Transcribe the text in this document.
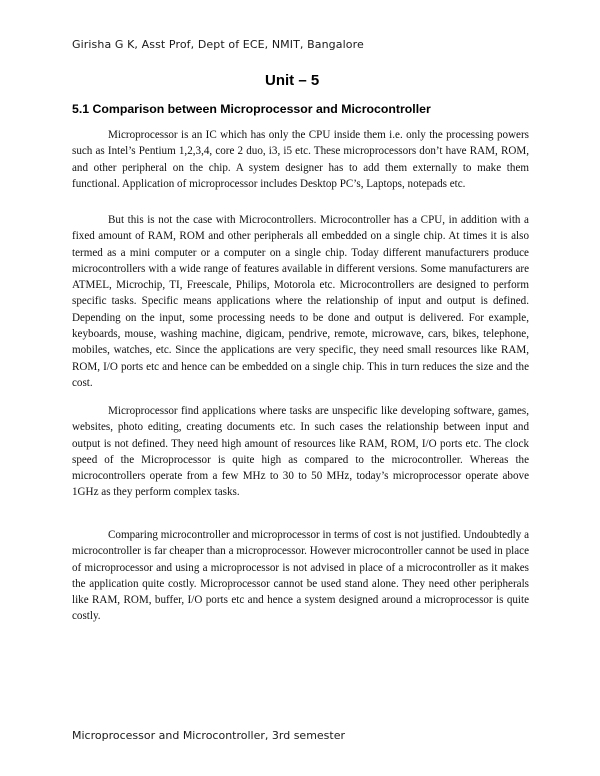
Girisha G K, Asst Prof, Dept of ECE, NMIT, Bangalore
Unit – 5
5.1 Comparison between Microprocessor and Microcontroller

Microprocessor is an IC which has only the CPU inside them i.e. only the processing powers such as Intel’s Pentium 1,2,3,4, core 2 duo, i3, i5 etc. These microprocessors don’t have RAM, ROM, and other peripheral on the chip. A system designer has to add them externally to make them functional. Application of microprocessor includes Desktop PC’s, Laptops, notepads etc.

But this is not the case with Microcontrollers. Microcontroller has a CPU, in addition with a fixed amount of RAM, ROM and other peripherals all embedded on a single chip. At times it is also termed as a mini computer or a computer on a single chip. Today different manufacturers produce microcontrollers with a wide range of features available in different versions. Some manufacturers are ATMEL, Microchip, TI, Freescale, Philips, Motorola etc. Microcontrollers are designed to perform specific tasks. Specific means applications where the relationship of input and output is defined. Depending on the input, some processing needs to be done and output is delivered. For example, keyboards, mouse, washing machine, digicam, pendrive, remote, microwave, cars, bikes, telephone, mobiles, watches, etc. Since the applications are very specific, they need small resources like RAM, ROM, I/O ports etc and hence can be embedded on a single chip. This in turn reduces the size and the cost.

Microprocessor find applications where tasks are unspecific like developing software, games, websites, photo editing, creating documents etc. In such cases the relationship between input and output is not defined. They need high amount of resources like RAM, ROM, I/O ports etc. The clock speed of the Microprocessor is quite high as compared to the microcontroller. Whereas the microcontrollers operate from a few MHz to 30 to 50 MHz, today’s microprocessor operate above 1GHz as they perform complex tasks.

Comparing microcontroller and microprocessor in terms of cost is not justified. Undoubtedly a microcontroller is far cheaper than a microprocessor. However microcontroller cannot be used in place of microprocessor and using a microprocessor is not advised in place of a microcontroller as it makes the application quite costly. Microprocessor cannot be used stand alone. They need other peripherals like RAM, ROM, buffer, I/O ports etc and hence a system designed around a microprocessor is quite costly.

Microprocessor and Microcontroller, 3rd semester
